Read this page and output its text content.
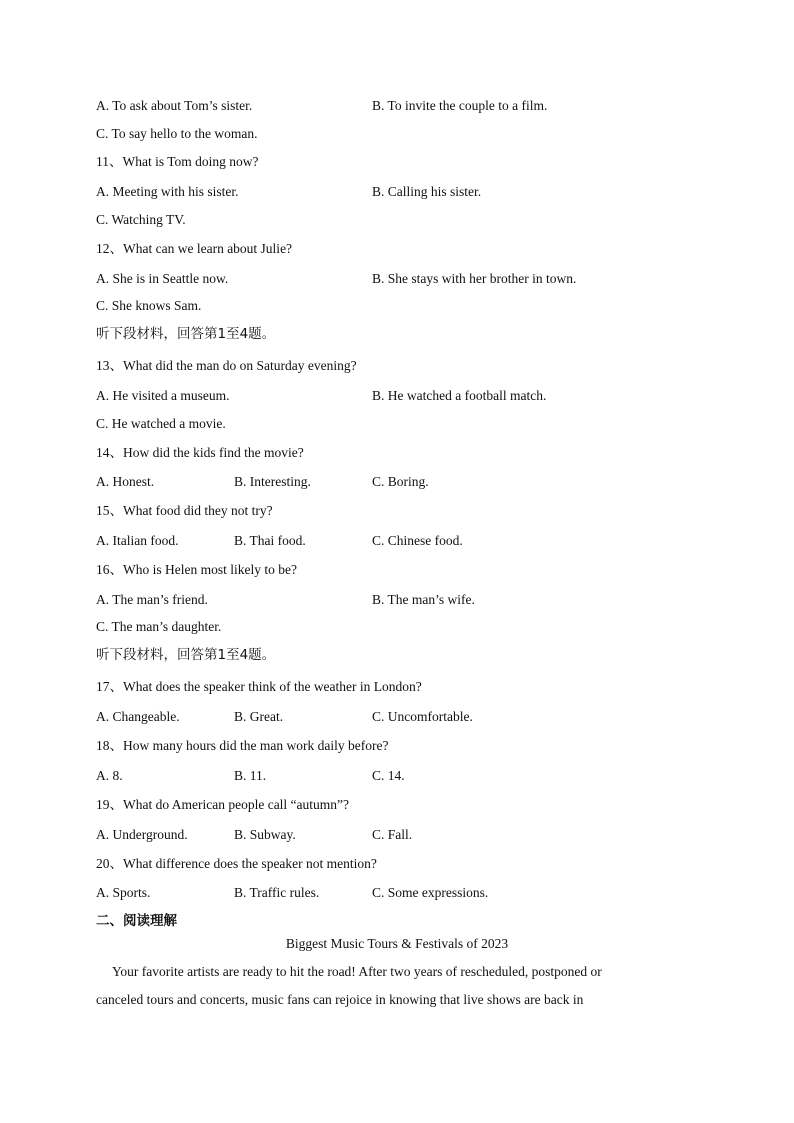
A. To ask about Tom’s sister.	B. To invite the couple to a film.
C. To say hello to the woman.
11、What is Tom doing now?
A. Meeting with his sister.	B. Calling his sister.
C. Watching TV.
12、What can we learn about Julie?
A. She is in Seattle now.	B. She stays with her brother in town.
C. She knows Sam.
听下段材料，回答第1至4题。
13、What did the man do on Saturday evening?
A. He visited a museum.	B. He watched a football match.
C. He watched a movie.
14、How did the kids find the movie?
A. Honest.	B. Interesting.	C. Boring.
15、What food did they not try?
A. Italian food.	B. Thai food.	C. Chinese food.
16、Who is Helen most likely to be?
A. The man’s friend.	B. The man’s wife.
C. The man’s daughter.
听下段材料，回答第1至4题。
17、What does the speaker think of the weather in London?
A. Changeable.	B. Great.	C. Uncomfortable.
18、How many hours did the man work daily before?
A. 8.	B. 11.	C. 14.
19、What do American people call “autumn”?
A. Underground.	B. Subway.	C. Fall.
20、What difference does the speaker not mention?
A. Sports.	B. Traffic rules.	C. Some expressions.
二、阅读理解
Biggest Music Tours & Festivals of 2023
Your favorite artists are ready to hit the road! After two years of rescheduled, postponed or
canceled tours and concerts, music fans can rejoice in knowing that live shows are back in
